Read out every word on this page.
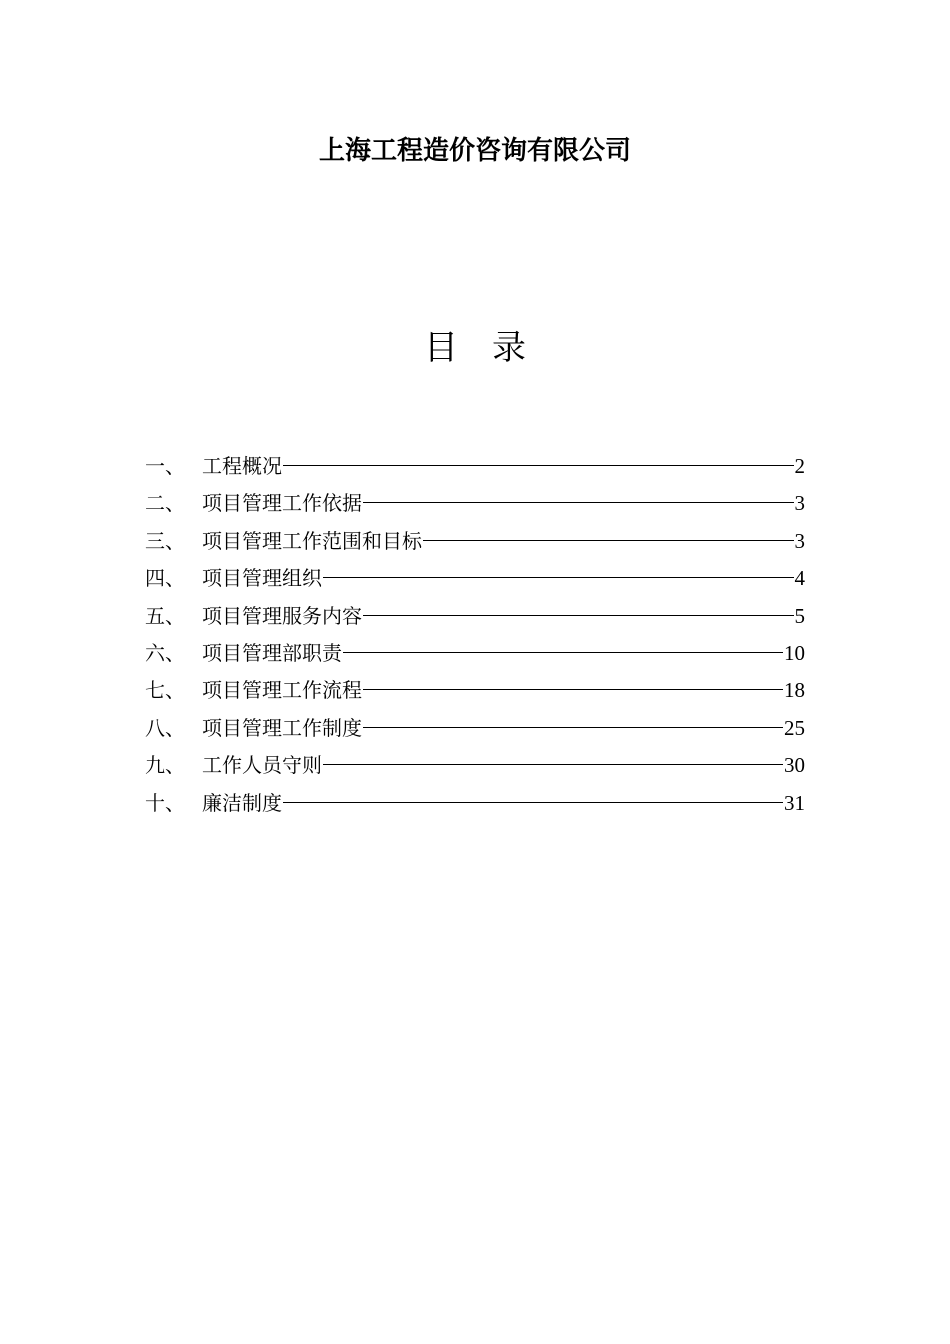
上海工程造价咨询有限公司
目 录
一、 工程概况	2
二、 项目管理工作依据	3
三、 项目管理工作范围和目标	3
四、 项目管理组织	4
五、 项目管理服务内容	5
六、 项目管理部职责	10
七、 项目管理工作流程	18
八、 项目管理工作制度	25
九、 工作人员守则	30
十、 廉洁制度	31
